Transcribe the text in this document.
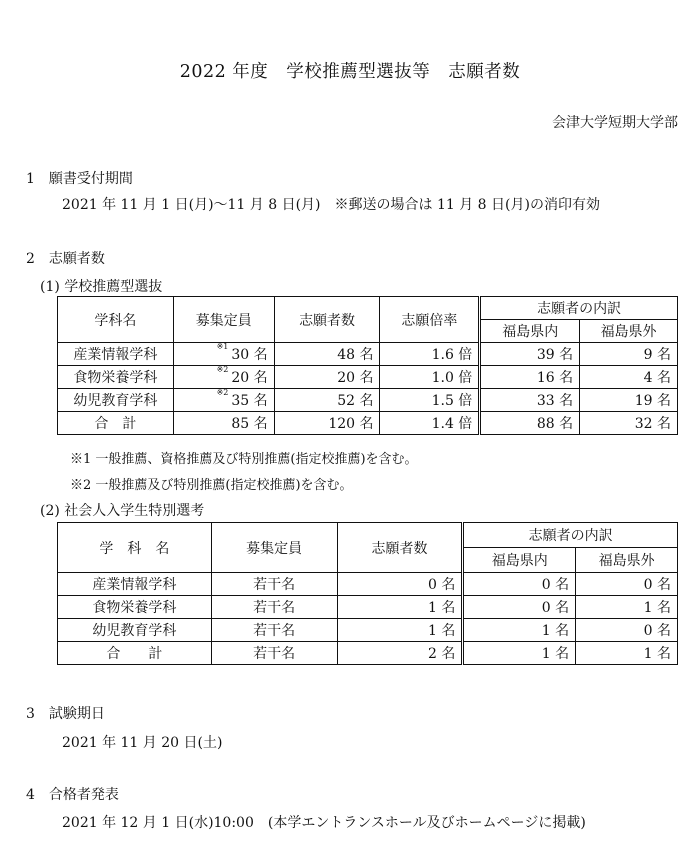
2022 年度　学校推薦型選抜等　志願者数
会津大学短期大学部
1　願書受付期間
2021 年 11 月 1 日(月)～11 月 8 日(月)　※郵送の場合は 11 月 8 日(月)の消印有効
2　志願者数
(1) 学校推薦型選抜
学科名	募集定員	志願者数	志願倍率	志願者の内訳	
				福島県内	福島県外
産業情報学科	$^{※1}$30 名	48 名	1.6 倍	39 名	9 名
食物栄養学科	$^{※2}$20 名	20 名	1.0 倍	16 名	4 名
幼児教育学科	$^{※2}$35 名	52 名	1.5 倍	33 名	19 名
合　計	85 名	120 名	1.4 倍	88 名	32 名
※1 一般推薦、資格推薦及び特別推薦(指定校推薦)を含む。
※2 一般推薦及び特別推薦(指定校推薦)を含む。
(2) 社会人入学生特別選考
学　科　名	募集定員	志願者数	志願者の内訳	
			福島県内	福島県外
産業情報学科	若干名	0 名	0 名	0 名
食物栄養学科	若干名	1 名	0 名	1 名
幼児教育学科	若干名	1 名	1 名	0 名
合　　計	若干名	2 名	1 名	1 名
3　試験期日
2021 年 11 月 20 日(土)
4　合格者発表
2021 年 12 月 1 日(水)10:00　(本学エントランスホール及びホームページに掲載)
